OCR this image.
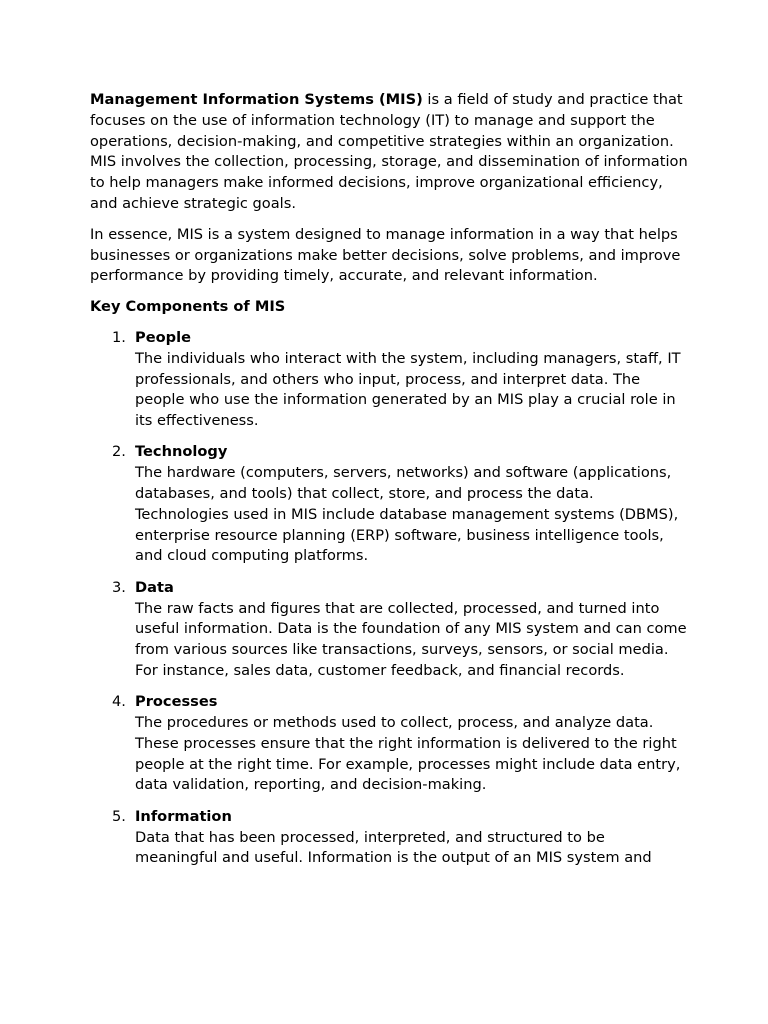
Management Information Systems (MIS) is a field of study and practice that focuses on the use of information technology (IT) to manage and support the operations, decision-making, and competitive strategies within an organization. MIS involves the collection, processing, storage, and dissemination of information to help managers make informed decisions, improve organizational efficiency, and achieve strategic goals.

In essence, MIS is a system designed to manage information in a way that helps businesses or organizations make better decisions, solve problems, and improve performance by providing timely, accurate, and relevant information.

Key Components of MIS
1. People
The individuals who interact with the system, including managers, staff, IT professionals, and others who input, process, and interpret data. The people who use the information generated by an MIS play a crucial role in its effectiveness.
2. Technology
The hardware (computers, servers, networks) and software (applications, databases, and tools) that collect, store, and process the data. Technologies used in MIS include database management systems (DBMS), enterprise resource planning (ERP) software, business intelligence tools, and cloud computing platforms.
3. Data
The raw facts and figures that are collected, processed, and turned into useful information. Data is the foundation of any MIS system and can come from various sources like transactions, surveys, sensors, or social media. For instance, sales data, customer feedback, and financial records.
4. Processes
The procedures or methods used to collect, process, and analyze data. These processes ensure that the right information is delivered to the right people at the right time. For example, processes might include data entry, data validation, reporting, and decision-making.
5. Information
Data that has been processed, interpreted, and structured to be meaningful and useful. Information is the output of an MIS system and
